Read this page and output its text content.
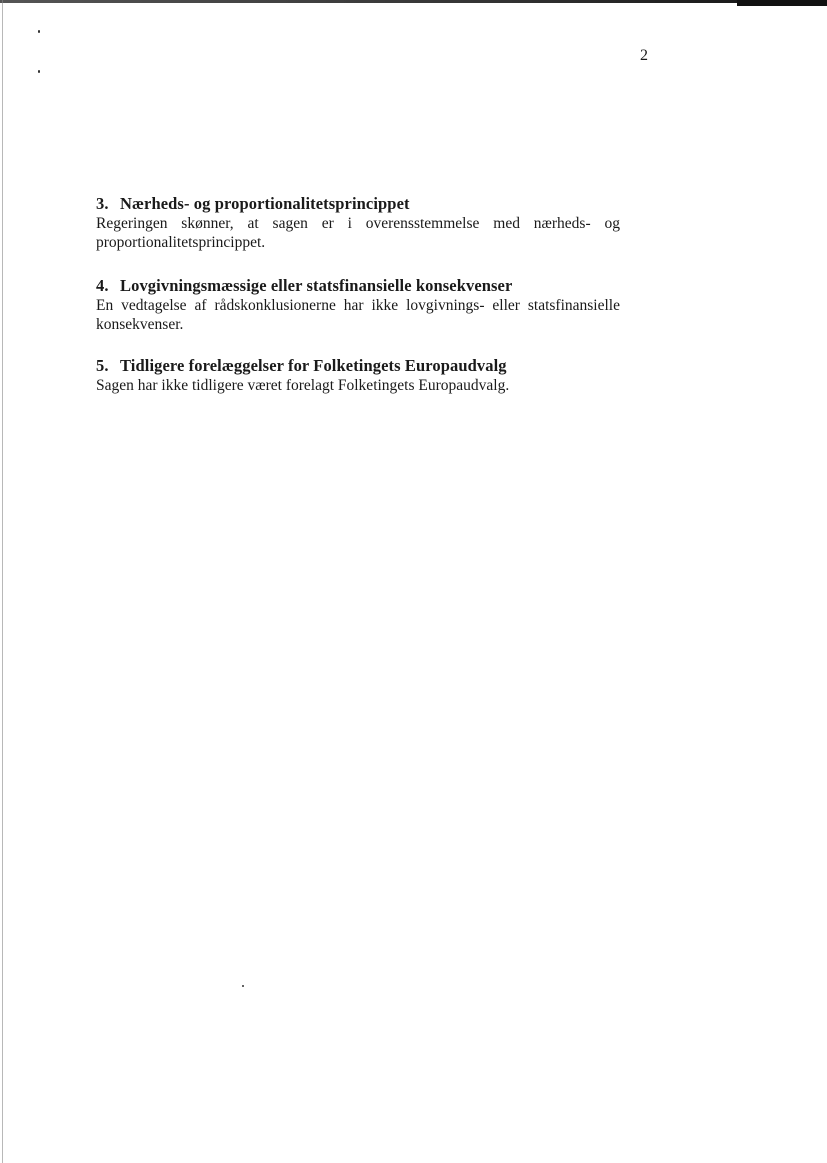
2
3. Nærheds- og proportionalitetsprincippet

Regeringen skønner, at sagen er i overensstemmelse med nærheds- og proportionalitetsprincippet.

4. Lovgivningsmæssige eller statsfinansielle konsekvenser

En vedtagelse af rådskonklusionerne har ikke lovgivnings- eller statsfinansielle konsekvenser.

5. Tidligere forelæggelser for Folketingets Europaudvalg

Sagen har ikke tidligere været forelagt Folketingets Europaudvalg.
